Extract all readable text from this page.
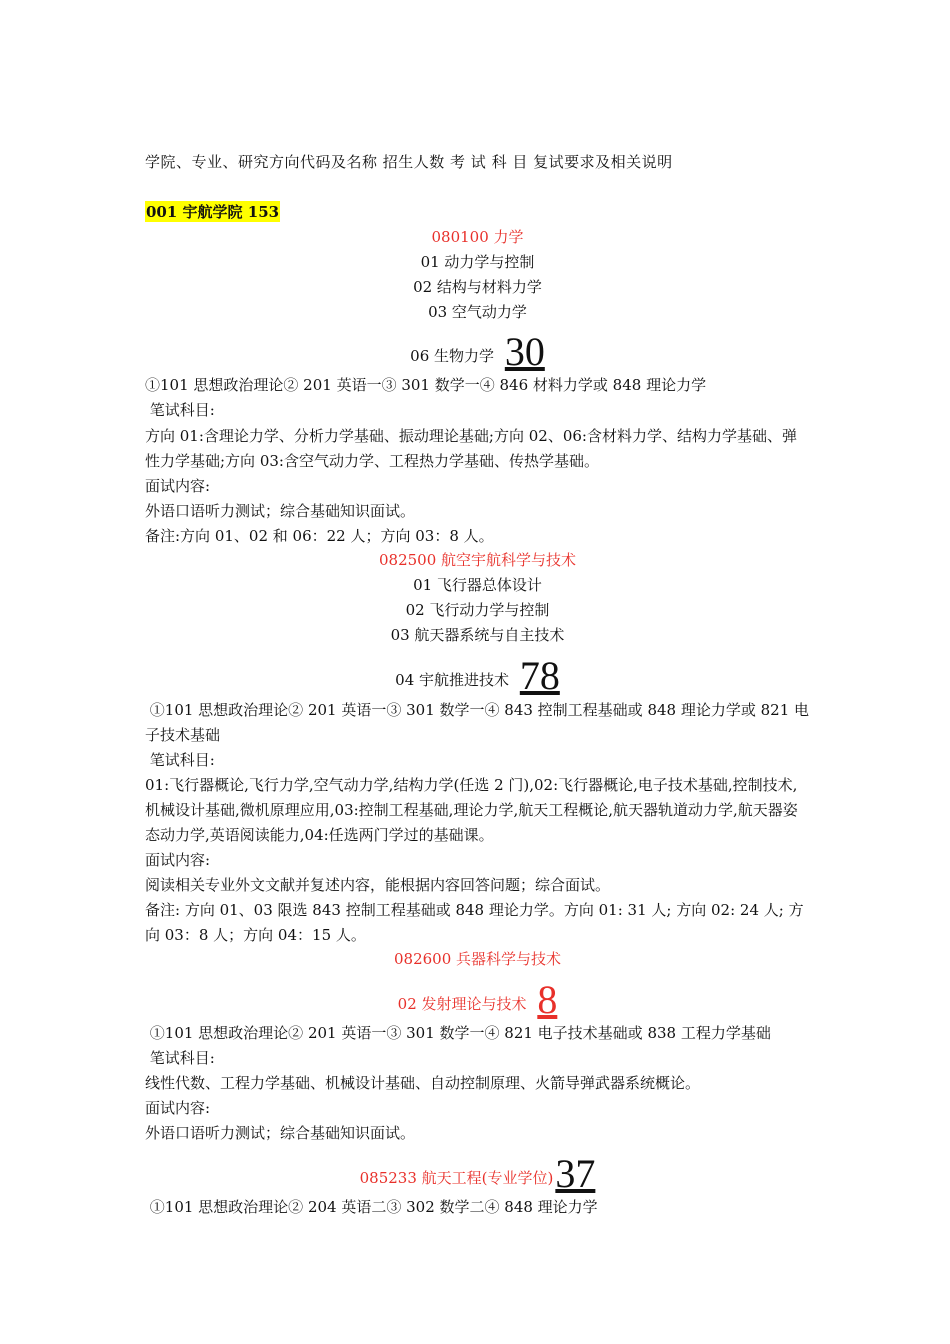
学院、专业、研究方向代码及名称 招生人数 考 试 科 目 复试要求及相关说明
001 宇航学院 153
080100 力学
01 动力学与控制
02 结构与材料力学
03 空气动力学
06 生物力学 30
①101 思想政治理论② 201 英语一③ 301 数学一④ 846 材料力学或 848 理论力学
笔试科目:
方向 01:含理论力学、分析力学基础、振动理论基础;方向 02、06:含材料力学、结构力学基础、弹性力学基础;方向 03:含空气动力学、工程热力学基础、传热学基础。
面试内容:
外语口语听力测试；综合基础知识面试。
备注:方向 01、02 和 06：22 人；方向 03：8 人。
082500 航空宇航科学与技术
01 飞行器总体设计
02 飞行动力学与控制
03 航天器系统与自主技术
04 宇航推进技术 78
①101 思想政治理论② 201 英语一③ 301 数学一④ 843 控制工程基础或 848 理论力学或 821 电子技术基础
笔试科目:
01:飞行器概论,飞行力学,空气动力学,结构力学(任选 2 门),02:飞行器概论,电子技术基础,控制技术,机械设计基础,微机原理应用,03:控制工程基础,理论力学,航天工程概论,航天器轨道动力学,航天器姿态动力学,英语阅读能力,04:任选两门学过的基础课。
面试内容:
阅读相关专业外文文献并复述内容，能根据内容回答问题；综合面试。
备注: 方向 01、03 限选 843 控制工程基础或 848 理论力学。方向 01: 31 人; 方向 02: 24 人; 方向 03：8 人；方向 04：15 人。
082600 兵器科学与技术
02 发射理论与技术 8
①101 思想政治理论② 201 英语一③ 301 数学一④ 821 电子技术基础或 838 工程力学基础
笔试科目:
线性代数、工程力学基础、机械设计基础、自动控制原理、火箭导弹武器系统概论。
面试内容:
外语口语听力测试；综合基础知识面试。
085233 航天工程(专业学位)37
①101 思想政治理论② 204 英语二③ 302 数学二④ 848 理论力学
